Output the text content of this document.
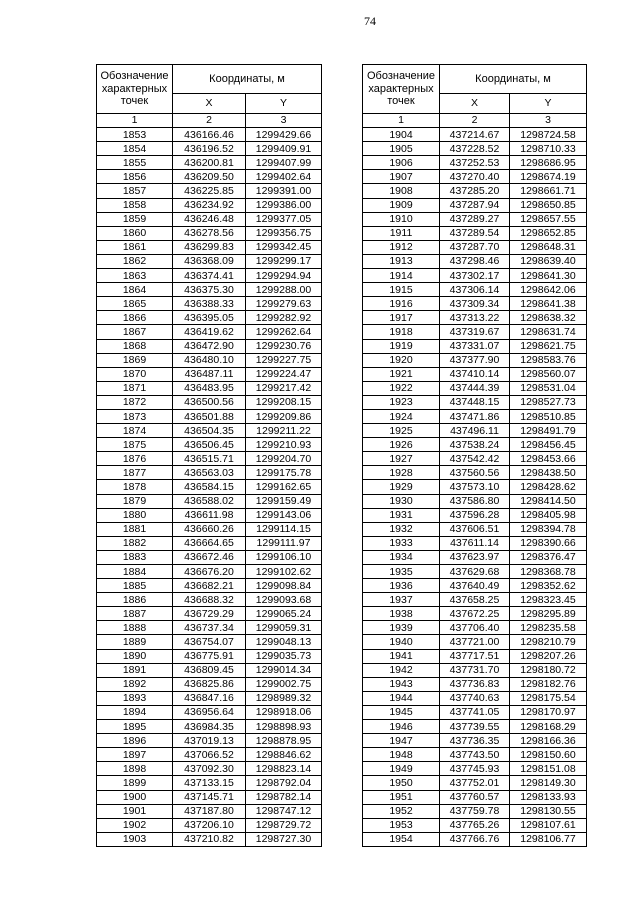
74
Обозначение характерных точек	Координаты, м	
	X	Y
1	2	3
1853	436166.46	1299429.66
1854	436196.52	1299409.91
1855	436200.81	1299407.99
1856	436209.50	1299402.64
1857	436225.85	1299391.00
1858	436234.92	1299386.00
1859	436246.48	1299377.05
1860	436278.56	1299356.75
1861	436299.83	1299342.45
1862	436368.09	1299299.17
1863	436374.41	1299294.94
1864	436375.30	1299288.00
1865	436388.33	1299279.63
1866	436395.05	1299282.92
1867	436419.62	1299262.64
1868	436472.90	1299230.76
1869	436480.10	1299227.75
1870	436487.11	1299224.47
1871	436483.95	1299217.42
1872	436500.56	1299208.15
1873	436501.88	1299209.86
1874	436504.35	1299211.22
1875	436506.45	1299210.93
1876	436515.71	1299204.70
1877	436563.03	1299175.78
1878	436584.15	1299162.65
1879	436588.02	1299159.49
1880	436611.98	1299143.06
1881	436660.26	1299114.15
1882	436664.65	1299111.97
1883	436672.46	1299106.10
1884	436676.20	1299102.62
1885	436682.21	1299098.84
1886	436688.32	1299093.68
1887	436729.29	1299065.24
1888	436737.34	1299059.31
1889	436754.07	1299048.13
1890	436775.91	1299035.73
1891	436809.45	1299014.34
1892	436825.86	1299002.75
1893	436847.16	1298989.32
1894	436956.64	1298918.06
1895	436984.35	1298898.93
1896	437019.13	1298878.95
1897	437066.52	1298846.62
1898	437092.30	1298823.14
1899	437133.15	1298792.04
1900	437145.71	1298782.14
1901	437187.80	1298747.12
1902	437206.10	1298729.72
1903	437210.82	1298727.30
Обозначение характерных точек	Координаты, м	
	X	Y
1	2	3
1904	437214.67	1298724.58
1905	437228.52	1298710.33
1906	437252.53	1298686.95
1907	437270.40	1298674.19
1908	437285.20	1298661.71
1909	437287.94	1298650.85
1910	437289.27	1298657.55
1911	437289.54	1298652.85
1912	437287.70	1298648.31
1913	437298.46	1298639.40
1914	437302.17	1298641.30
1915	437306.14	1298642.06
1916	437309.34	1298641.38
1917	437313.22	1298638.32
1918	437319.67	1298631.74
1919	437331.07	1298621.75
1920	437377.90	1298583.76
1921	437410.14	1298560.07
1922	437444.39	1298531.04
1923	437448.15	1298527.73
1924	437471.86	1298510.85
1925	437496.11	1298491.79
1926	437538.24	1298456.45
1927	437542.42	1298453.66
1928	437560.56	1298438.50
1929	437573.10	1298428.62
1930	437586.80	1298414.50
1931	437596.28	1298405.98
1932	437606.51	1298394.78
1933	437611.14	1298390.66
1934	437623.97	1298376.47
1935	437629.68	1298368.78
1936	437640.49	1298352.62
1937	437658.25	1298323.45
1938	437672.25	1298295.89
1939	437706.40	1298235.58
1940	437721.00	1298210.79
1941	437717.51	1298207.26
1942	437731.70	1298180.72
1943	437736.83	1298182.76
1944	437740.63	1298175.54
1945	437741.05	1298170.97
1946	437739.55	1298168.29
1947	437736.35	1298166.36
1948	437743.50	1298150.60
1949	437745.93	1298151.08
1950	437752.01	1298149.30
1951	437760.57	1298133.93
1952	437759.78	1298130.55
1953	437765.26	1298107.61
1954	437766.76	1298106.77
